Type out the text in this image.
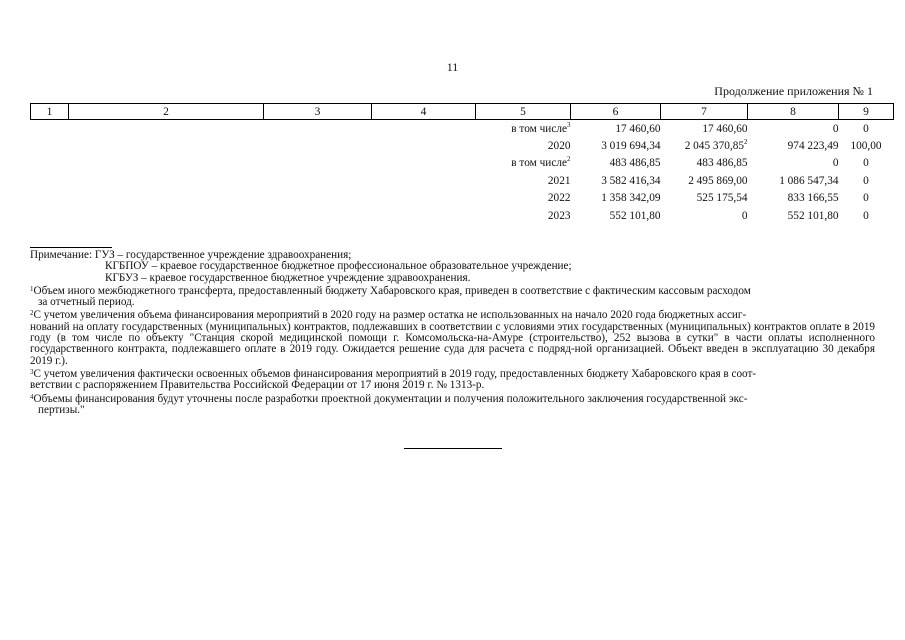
11
Продолжение приложения № 1
1	2	3	4	5	6	7	8	9
				в том числе$^3$	17 460,60	17 460,60	0	0
				2020	3 019 694,34	2 045 370,85$^2$	974 223,49	100,00
				в том числе$^2$	483 486,85	483 486,85	0	0
				2021	3 582 416,34	2 495 869,00	1 086 547,34	0
				2022	1 358 342,09	525 175,54	833 166,55	0
				2023	552 101,80	0	552 101,80	0
Примечание: ГУЗ – государственное учреждение здравоохранения;
КГБПОУ – краевое государственное бюджетное профессиональное образовательное учреждение;
КГБУЗ – краевое государственное бюджетное учреждение здравоохранения.
$^1$Объем иного межбюджетного трансферта, предоставленный бюджету Хабаровского края, приведен в соответствие с фактическим кассовым расходом
за отчетный период.
$^2$С учетом увеличения объема финансирования мероприятий в 2020 году на размер остатка не использованных на начало 2020 года бюджетных ассиг-
нований на оплату государственных (муниципальных) контрактов, подлежавших в соответствии с условиями этих государственных (муниципальных) контрактов оплате в 2019 году (в том числе по объекту "Станция скорой медицинской помощи г. Комсомольска-на-Амуре (строительство), 252 вызова в сутки" в части оплаты исполненного государственного контракта, подлежавшего оплате в 2019 году. Ожидается решение суда для расчета с подряд-ной организацией. Объект введен в эксплуатацию 30 декабря 2019 г.).
$^3$С учетом увеличения фактически освоенных объемов финансирования мероприятий в 2019 году, предоставленных бюджету Хабаровского края в соот-
ветствии с распоряжением Правительства Российской Федерации от 17 июня 2019 г. № 1313-р.
$^4$Объемы финансирования будут уточнены после разработки проектной документации и получения положительного заключения государственной экс-
пертизы."
